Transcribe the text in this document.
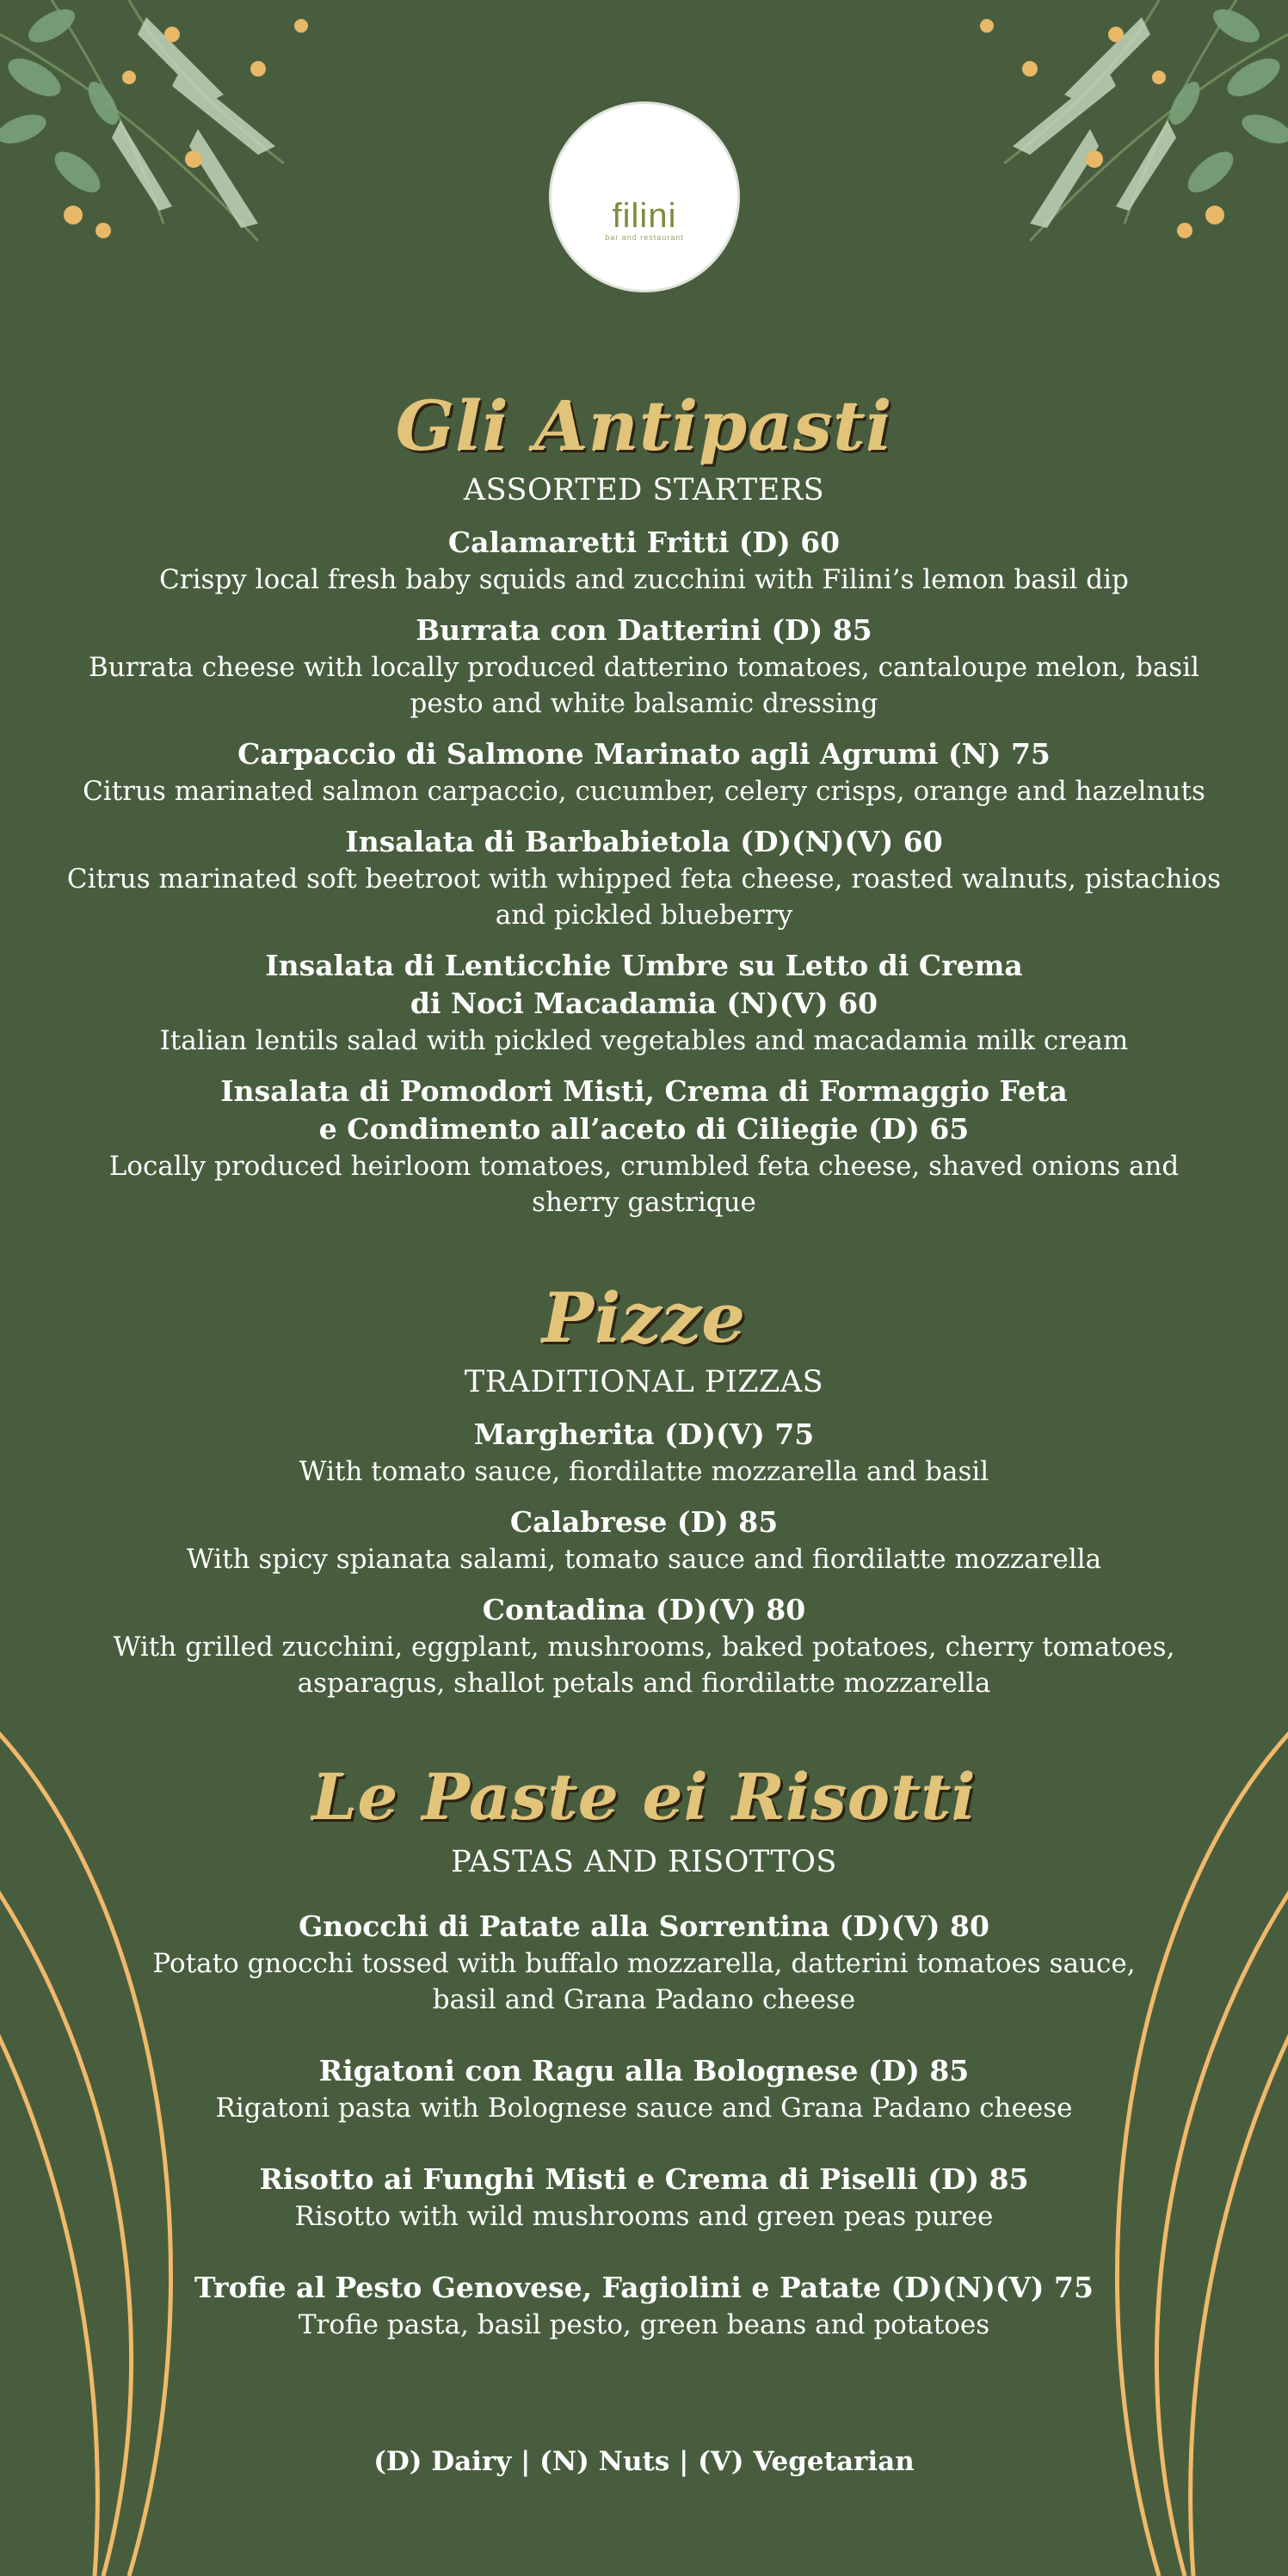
filini
bar and restaurant
Gli Antipasti
ASSORTED STARTERS
Calamaretti Fritti (D) 60
Crispy local fresh baby squids and zucchini with Filini’s lemon basil dip
Burrata con Datterini (D) 85
Burrata cheese with locally produced datterino tomatoes, cantaloupe melon, basil
pesto and white balsamic dressing
Carpaccio di Salmone Marinato agli Agrumi (N) 75
Citrus marinated salmon carpaccio, cucumber, celery crisps, orange and hazelnuts
Insalata di Barbabietola (D)(N)(V) 60
Citrus marinated soft beetroot with whipped feta cheese, roasted walnuts, pistachios
and pickled blueberry
Insalata di Lenticchie Umbre su Letto di Crema
di Noci Macadamia (N)(V) 60
Italian lentils salad with pickled vegetables and macadamia milk cream
Insalata di Pomodori Misti, Crema di Formaggio Feta
e Condimento all’aceto di Ciliegie (D) 65
Locally produced heirloom tomatoes, crumbled feta cheese, shaved onions and
sherry gastrique
Pizze
TRADITIONAL PIZZAS
Margherita (D)(V) 75
With tomato sauce, fiordilatte mozzarella and basil
Calabrese (D) 85
With spicy spianata salami, tomato sauce and fiordilatte mozzarella
Contadina (D)(V) 80
With grilled zucchini, eggplant, mushrooms, baked potatoes, cherry tomatoes,
asparagus, shallot petals and fiordilatte mozzarella
Le Paste ei Risotti
PASTAS AND RISOTTOS
Gnocchi di Patate alla Sorrentina (D)(V) 80
Potato gnocchi tossed with buffalo mozzarella, datterini tomatoes sauce,
basil and Grana Padano cheese
Rigatoni con Ragu alla Bolognese (D) 85
Rigatoni pasta with Bolognese sauce and Grana Padano cheese
Risotto ai Funghi Misti e Crema di Piselli (D) 85
Risotto with wild mushrooms and green peas puree
Trofie al Pesto Genovese, Fagiolini e Patate (D)(N)(V) 75
Trofie pasta, basil pesto, green beans and potatoes
(D) Dairy | (N) Nuts | (V) Vegetarian
